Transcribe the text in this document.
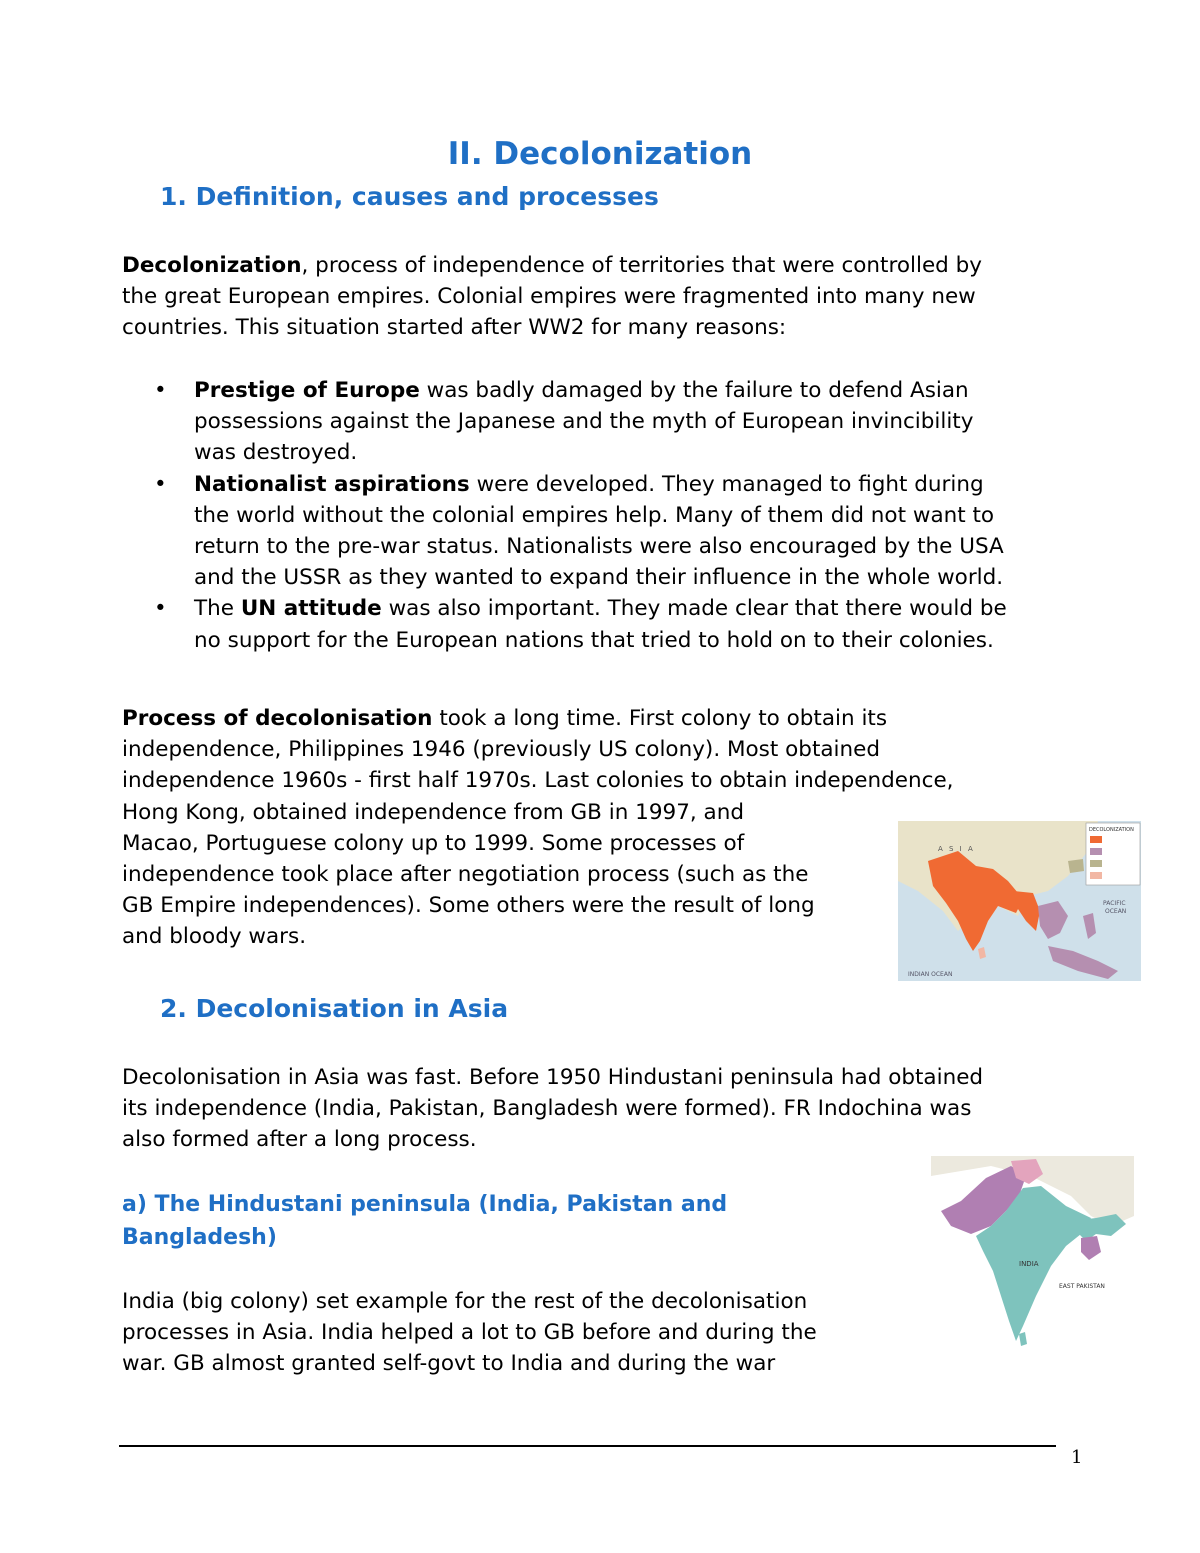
II. Decolonization
1. Definition, causes and processes
Decolonization, process of independence of territories that were controlled by
the great European empires. Colonial empires were fragmented into many new
countries. This situation started after WW2 for many reasons:
• Prestige of Europe was badly damaged by the failure to defend Asian
possessions against the Japanese and the myth of European invincibility
was destroyed.
• Nationalist aspirations were developed. They managed to fight during
the world without the colonial empires help. Many of them did not want to
return to the pre-war status. Nationalists were also encouraged by the USA
and the USSR as they wanted to expand their influence in the whole world.
• The UN attitude was also important. They made clear that there would be
no support for the European nations that tried to hold on to their colonies.
Process of decolonisation took a long time. First colony to obtain its
independence, Philippines 1946 (previously US colony). Most obtained
independence 1960s - first half 1970s. Last colonies to obtain independence,
Hong Kong, obtained independence from GB in 1997, and
Macao, Portuguese colony up to 1999. Some processes of
independence took place after negotiation process (such as the
GB Empire independences). Some others were the result of long
and bloody wars.
DECOLONIZATION
A S I A
PACIFIC
OCEAN
INDIAN OCEAN
2. Decolonisation in Asia
Decolonisation in Asia was fast. Before 1950 Hindustani peninsula had obtained
its independence (India, Pakistan, Bangladesh were formed). FR Indochina was
also formed after a long process.
a) The Hindustani peninsula (India, Pakistan and
Bangladesh)
India (big colony) set example for the rest of the decolonisation
processes in Asia. India helped a lot to GB before and during the
war. GB almost granted self-govt to India and during the war
INDIA
EAST PAKISTAN
1
